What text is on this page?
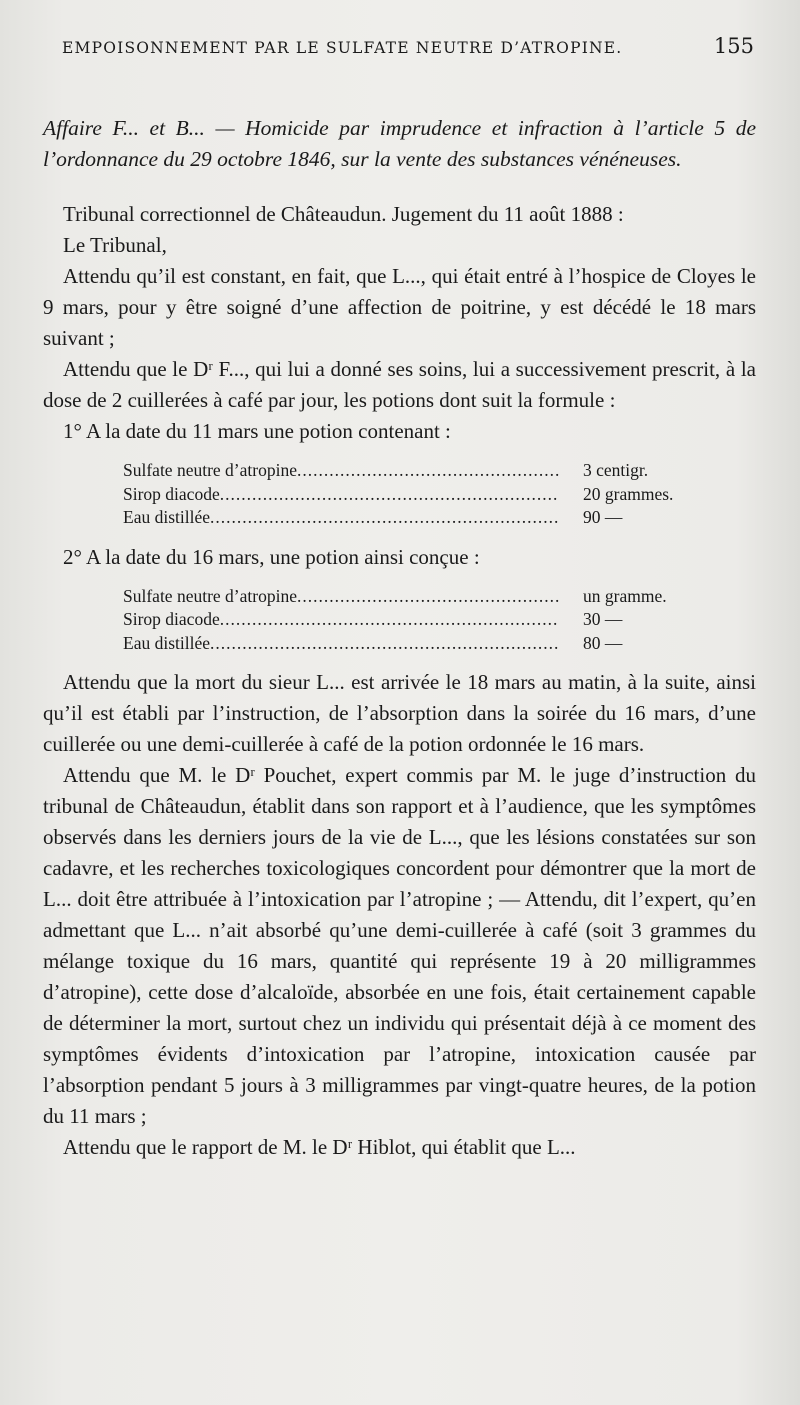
EMPOISONNEMENT PAR LE SULFATE NEUTRE D’ATROPINE.	155

Affaire F... et B... — Homicide par imprudence et infraction à l’article 5 de l’ordonnance du 29 octobre 1846, sur la vente des substances vénéneuses.

Tribunal correctionnel de Châteaudun. Jugement du 11 août 1888 :

Le Tribunal,

Attendu qu’il est constant, en fait, que L..., qui était entré à l’hospice de Cloyes le 9 mars, pour y être soigné d’une affection de poitrine, y est décédé le 18 mars suivant ;

Attendu que le Dʳ F..., qui lui a donné ses soins, lui a successivement prescrit, à la dose de 2 cuillerées à café par jour, les potions dont suit la formule :

1° A la date du 11 mars une potion contenant :

Sulfate neutre d’atropine .....	3 centigr.
Sirop diacode .....	20 grammes.
Eau distillée .....	90 —

2° A la date du 16 mars, une potion ainsi conçue :

Sulfate neutre d’atropine .....	un gramme.
Sirop diacode .....	30 —
Eau distillée .....	80 —

Attendu que la mort du sieur L... est arrivée le 18 mars au matin, à la suite, ainsi qu’il est établi par l’instruction, de l’absorption dans la soirée du 16 mars, d’une cuillerée ou une demi-cuillerée à café de la potion ordonnée le 16 mars.

Attendu que M. le Dʳ Pouchet, expert commis par M. le juge d’instruction du tribunal de Châteaudun, établit dans son rapport et à l’audience, que les symptômes observés dans les derniers jours de la vie de L..., que les lésions constatées sur son cadavre, et les recherches toxicologiques concordent pour démontrer que la mort de L... doit être attribuée à l’intoxication par l’atropine ; — Attendu, dit l’expert, qu’en admettant que L... n’ait absorbé qu’une demi-cuillerée à café (soit 3 grammes du mélange toxique du 16 mars, quantité qui représente 19 à 20 milligrammes d’atropine), cette dose d’alcaloïde, absorbée en une fois, était certainement capable de déterminer la mort, surtout chez un individu qui présentait déjà à ce moment des symptômes évidents d’intoxication par l’atropine, intoxication causée par l’absorption pendant 5 jours à 3 milligrammes par vingt-quatre heures, de la potion du 11 mars ;

Attendu que le rapport de M. le Dʳ Hiblot, qui établit que L...
